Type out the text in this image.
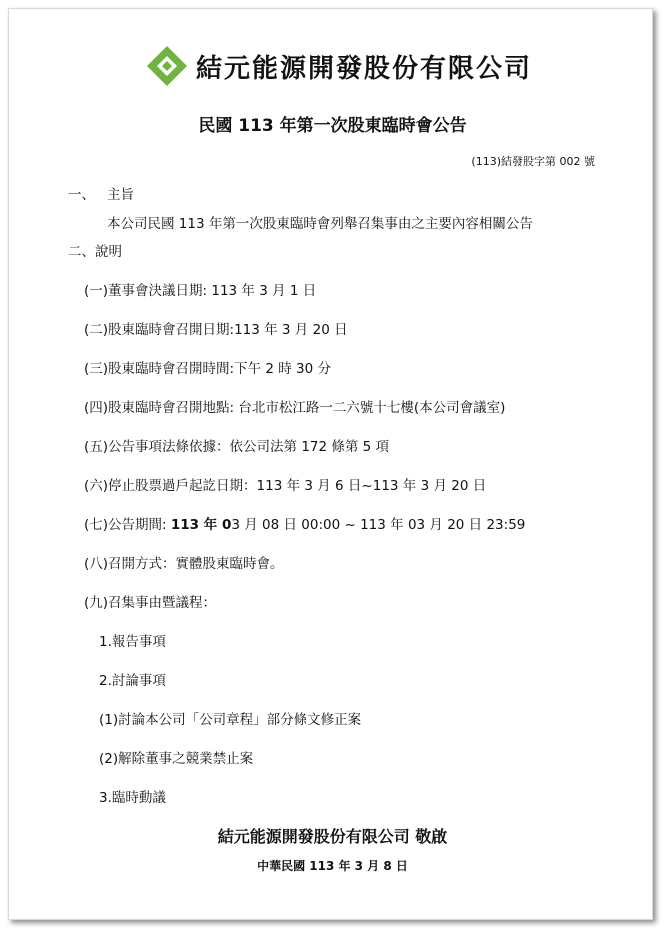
結元能源開發股份有限公司
民國 113 年第一次股東臨時會公告
(113)結發股字第 002 號
一、 主旨
本公司民國 113 年第一次股東臨時會列舉召集事由之主要內容相關公告
二、說明
(一)董事會決議日期: 113 年 3 月 1 日
(二)股東臨時會召開日期:113 年 3 月 20 日
(三)股東臨時會召開時間:下午 2 時 30 分
(四)股東臨時會召開地點: 台北市松江路一二六號十七樓(本公司會議室)
(五)公告事項法條依據：依公司法第 172 條第 5 項
(六)停止股票過戶起訖日期：113 年 3 月 6 日~113 年 3 月 20 日
(七)公告期間: 113 年 03 月 08 日 00:00 ~ 113 年 03 月 20 日 23:59
(八)召開方式：實體股東臨時會。
(九)召集事由暨議程：
1.報告事項
2.討論事項
(1)討論本公司「公司章程」部分條文修正案
(2)解除董事之競業禁止案
3.臨時動議
結元能源開發股份有限公司 敬啟
中華民國 113 年 3 月 8 日
